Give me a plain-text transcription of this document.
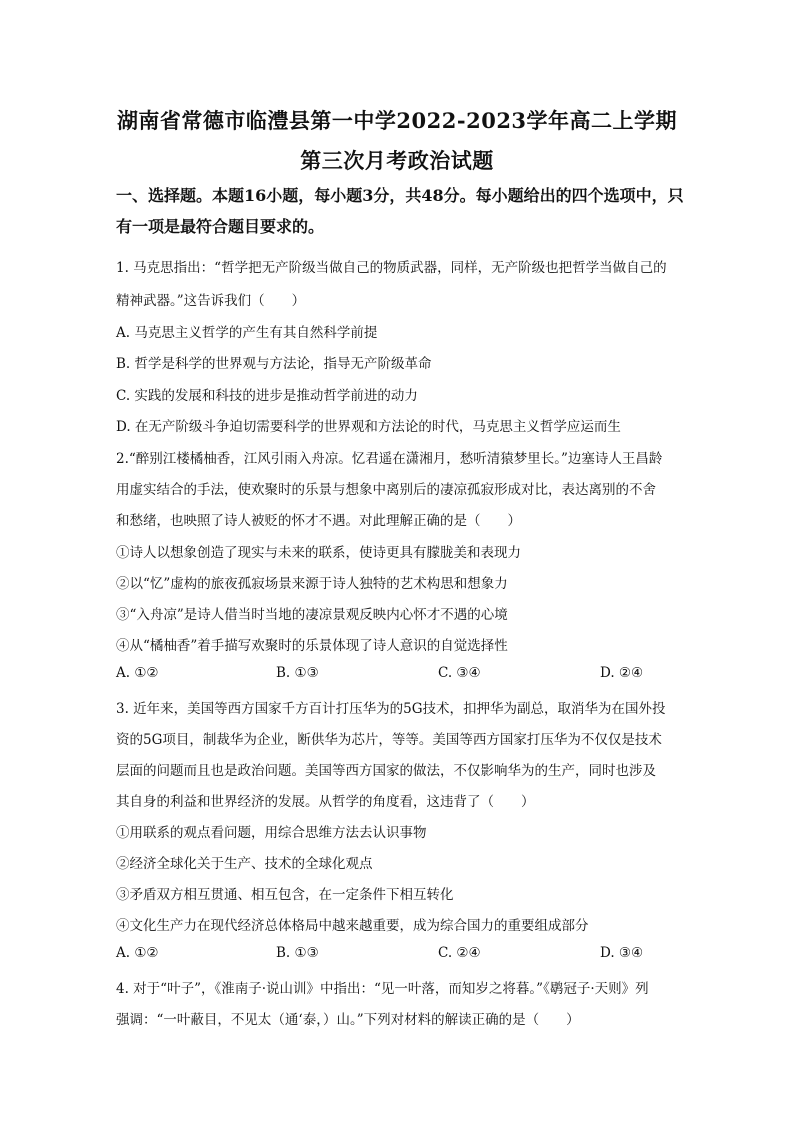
湖南省常德市临澧县第一中学2022-2023学年高二上学期
第三次月考政治试题
一、选择题。本题16小题，每小题3分，共48分。每小题给出的四个选项中，只有一项是最符合题目要求的。
1. 马克思指出：“哲学把无产阶级当做自己的物质武器，同样，无产阶级也把哲学当做自己的
精神武器。”这告诉我们（　　）
A. 马克思主义哲学的产生有其自然科学前提
B. 哲学是科学的世界观与方法论，指导无产阶级革命
C. 实践的发展和科技的进步是推动哲学前进的动力
D. 在无产阶级斗争迫切需要科学的世界观和方法论的时代，马克思主义哲学应运而生
2.“醉别江楼橘柚香，江风引雨入舟凉。忆君遥在潇湘月，愁听清猿梦里长。”边塞诗人王昌龄
用虚实结合的手法，使欢聚时的乐景与想象中离别后的凄凉孤寂形成对比，表达离别的不舍
和愁绪，也映照了诗人被贬的怀才不遇。对此理解正确的是（　　）
①诗人以想象创造了现实与未来的联系，使诗更具有朦胧美和表现力
②以“忆”虚构的旅夜孤寂场景来源于诗人独特的艺术构思和想象力
③“入舟凉”是诗人借当时当地的凄凉景观反映内心怀才不遇的心境
④从“橘柚香”着手描写欢聚时的乐景体现了诗人意识的自觉选择性
A. ①②	B. ①③	C. ③④	D. ②④
3. 近年来，美国等西方国家千方百计打压华为的5G技术，扣押华为副总，取消华为在国外投
资的5G项目，制裁华为企业，断供华为芯片，等等。美国等西方国家打压华为不仅仅是技术
层面的问题而且也是政治问题。美国等西方国家的做法，不仅影响华为的生产，同时也涉及
其自身的利益和世界经济的发展。从哲学的角度看，这违背了（　　）
①用联系的观点看问题，用综合思维方法去认识事物
②经济全球化关于生产、技术的全球化观点
③矛盾双方相互贯通、相互包含，在一定条件下相互转化
④文化生产力在现代经济总体格局中越来越重要，成为综合国力的重要组成部分
A. ①②	B. ①③	C. ②④	D. ③④
4. 对于“叶子”，《淮南子·说山训》中指出：“见一叶落，而知岁之将暮。”《鹖冠子·天则》列
强调：“一叶蔽目，不见太（通‘泰，）山。”下列对材料的解读正确的是（　　）
